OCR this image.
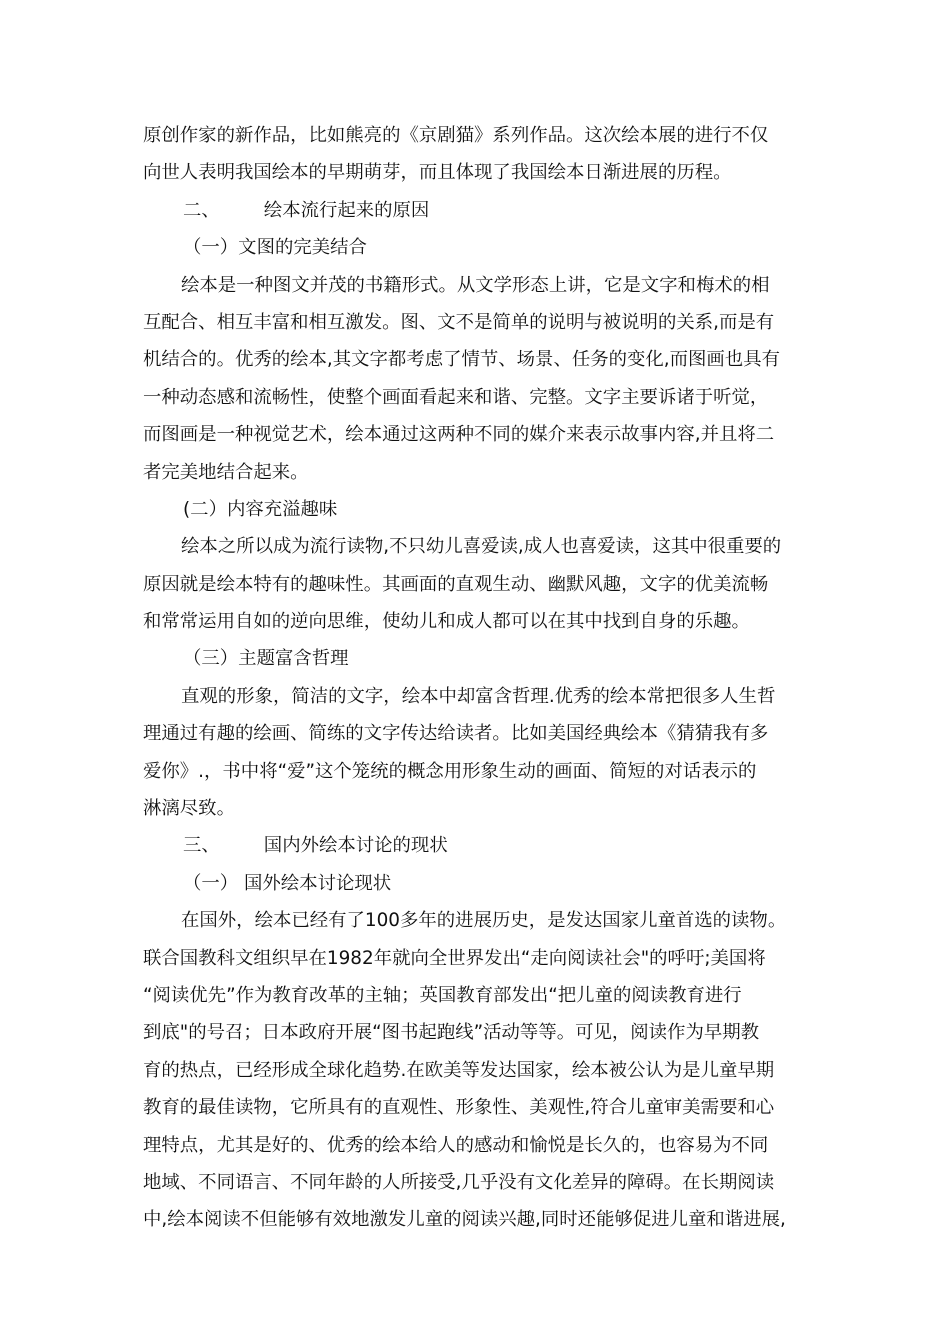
原创作家的新作品，比如熊亮的《京剧猫》系列作品。这次绘本展的进行不仅
向世人表明我国绘本的早期萌芽，而且体现了我国绘本日渐进展的历程。
二、 绘本流行起来的原因
（一）文图的完美结合
绘本是一种图文并茂的书籍形式。从文学形态上讲，它是文字和梅术的相
互配合、相互丰富和相互激发。图、文不是简单的说明与被说明的关系,而是有
机结合的。优秀的绘本,其文字都考虑了情节、场景、任务的变化,而图画也具有
一种动态感和流畅性，使整个画面看起来和谐、完整。文字主要诉诸于听觉，
而图画是一种视觉艺术，绘本通过这两种不同的媒介来表示故事内容,并且将二
者完美地结合起来。
(二）内容充溢趣味
绘本之所以成为流行读物,不只幼儿喜爱读,成人也喜爱读，这其中很重要的
原因就是绘本特有的趣味性。其画面的直观生动、幽默风趣，文字的优美流畅
和常常运用自如的逆向思维，使幼儿和成人都可以在其中找到自身的乐趣。
（三）主题富含哲理
直观的形象，简洁的文字，绘本中却富含哲理.优秀的绘本常把很多人生哲
理通过有趣的绘画、简练的文字传达给读者。比如美国经典绘本《猜猜我有多
爱你》.，书中将“爱”这个笼统的概念用形象生动的画面、简短的对话表示的
淋漓尽致。
三、 国内外绘本讨论的现状
（一） 国外绘本讨论现状
在国外，绘本已经有了100多年的进展历史，是发达国家儿童首选的读物。
联合国教科文组织早在1982年就向全世界发出“走向阅读社会"的呼吁;美国将
“阅读优先”作为教育改革的主轴；英国教育部发出“把儿童的阅读教育进行
到底"的号召；日本政府开展“图书起跑线”活动等等。可见，阅读作为早期教
育的热点，已经形成全球化趋势.在欧美等发达国家，绘本被公认为是儿童早期
教育的最佳读物，它所具有的直观性、形象性、美观性,符合儿童审美需要和心
理特点，尤其是好的、优秀的绘本给人的感动和愉悦是长久的，也容易为不同
地域、不同语言、不同年龄的人所接受,几乎没有文化差异的障碍。在长期阅读
中,绘本阅读不但能够有效地激发儿童的阅读兴趣,同时还能够促进儿童和谐进展,
